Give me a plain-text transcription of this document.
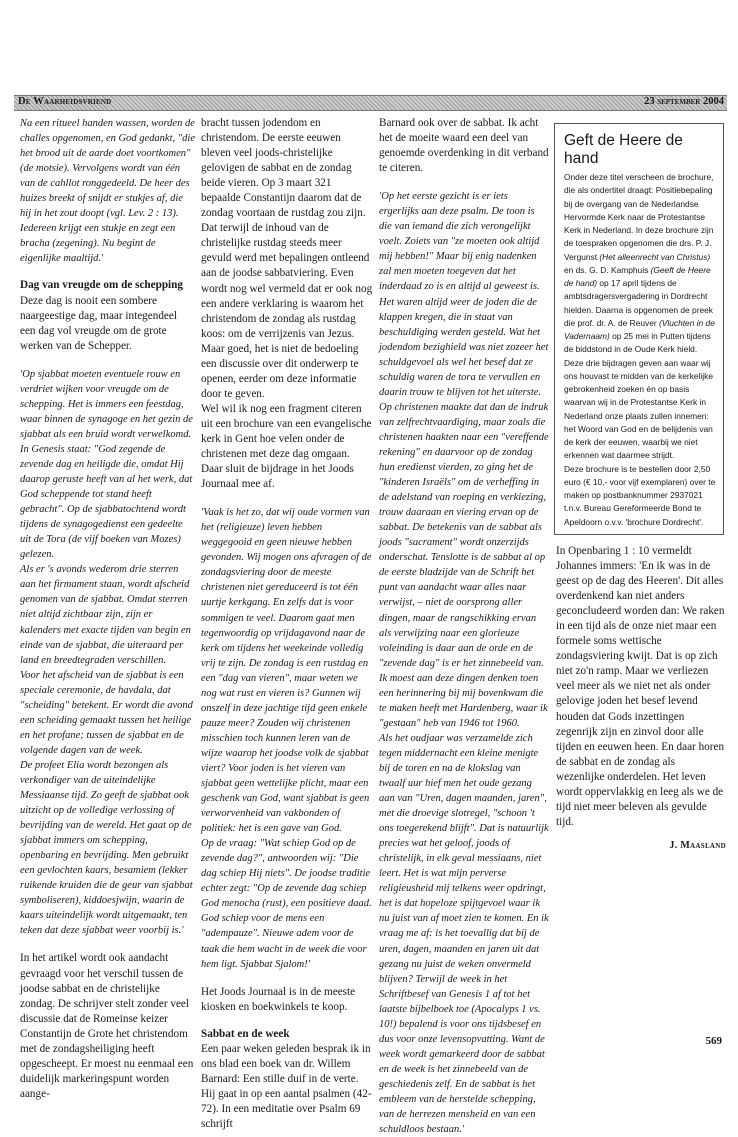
De Waarheidsvriend	23 september 2004

Na een ritueel handen wassen, worden de challes opgenomen, en God gedankt, "die het brood uit de aarde doet voortkomen" (de motsie). Vervolgens wordt van één van de cahllot ronggedeeld. De heer des huizes breekt of snijdt er stukjes af, die hij in het zout doopt (vgl. Lev. 2 : 13). Iedereen krijgt een stukje en zegt een bracha (zegening). Nu begint de eigenlijke maaltijd.'

Dag van vreugde om de schepping

Deze dag is nooit een sombere naargeestige dag, maar integendeel een dag vol vreugde om de grote werken van de Schepper.

'Op sjabbat moeten eventuele rouw en verdriet wijken voor vreugde om de schepping. Het is immers een feestdag, waar binnen de synagoge en het gezin de sjabbat als een bruid wordt verwelkomd. In Genesis staat: "God zegende de zevende dag en heiligde die, omdat Hij daarop geruste heeft van al het werk, dat God scheppende tot stand heeft gebracht". Op de sjabbatochtend wordt tijdens de synagogedienst een gedeelte uit de Tora (de vijf boeken van Mozes) gelezen.

Als er 's avonds wederom drie sterren aan het firmament staan, wordt afscheid genomen van de sjabbat. Omdat sterren niet altijd zichtbaar zijn, zijn er kalenders met exacte tijden van begin en einde van de sjabbat, die uiteraard per land en breedtegraden verschillen.

Voor het afscheid van de sjabbat is een speciale ceremonie, de havdala, dat "scheiding" betekent. Er wordt die avond een scheiding gemaakt tussen het heilige en het profane; tussen de sjabbat en de volgende dagen van de week.

De profeet Elia wordt bezongen als verkondiger van de uiteindelijke Messiaanse tijd. Zo geeft de sjabbat ook uitzicht op de volledige verlossing of bevrijding van de wereld. Het gaat op de sjabbat immers om schepping, openbaring en bevrijding. Men gebruikt een gevlochten kaars, besamiem (lekker ruikende kruiden die de geur van sjabbat symboliseren), kiddoesjwijn, waarin de kaars uiteindelijk wordt uitgemaakt, ten teken dat deze sjabbat weer voorbij is.'

In het artikel wordt ook aandacht gevraagd voor het verschil tussen de joodse sabbat en de christelijke zondag. De schrijver stelt zonder veel discussie dat de Romeinse keizer Constantijn de Grote het christendom met de zondagsheiliging heeft opgescheept. Er moest nu eenmaal een duidelijk markeringspunt worden aange-

bracht tussen jodendom en christendom. De eerste eeuwen bleven veel joods-christelijke gelovigen de sabbat en de zondag beide vieren. Op 3 maart 321 bepaalde Constantijn daarom dat de zondag voortaan de rustdag zou zijn. Dat terwijl de inhoud van de christelijke rustdag steeds meer gevuld werd met bepalingen ontleend aan de joodse sabbatviering. Even wordt nog wel vermeld dat er ook nog een andere verklaring is waarom het christendom de zondag als rustdag koos: om de verrijzenis van Jezus. Maar goed, het is niet de bedoeling een discussie over dit onderwerp te openen, eerder om deze informatie door te geven.

Wel wil ik nog een fragment citeren uit een brochure van een evangelische kerk in Gent hoe velen onder de christenen met deze dag omgaan. Daar sluit de bijdrage in het Joods Journaal mee af.

'Vaak is het zo, dat wij oude vormen van het (religieuze) leven hebben weggegooid en geen nieuwe hebben gevonden. Wij mogen ons afvragen of de zondagsviering door de meeste christenen niet gereduceerd is tot één uurtje kerkgang. En zelfs dat is voor sommigen te veel. Daarom gaat men tegenwoordig op vrijdagavond naar de kerk om tijdens het weekeinde volledig vrij te zijn. De zondag is een rustdag en een "dag van vieren", maar weten we nog wat rust en vieren is? Gunnen wij onszelf in deze jachtige tijd geen enkele pauze meer? Zouden wij christenen misschien toch kunnen leren van de wijze waarop het joodse volk de sjabbat viert? Voor joden is het vieren van sjabbat geen wettelijke plicht, maar een geschenk van God, want sjabbat is geen verworvenheid van vakbonden of politiek: het is een gave van God.

Op de vraag: "Wat schiep God op de zevende dag?", antwoorden wij: "Die dag schiep Hij niets". De joodse traditie echter zegt: "Op de zevende dag schiep God menocha (rust), een positieve daad. God schiep voor de mens een "adempauze". Nieuwe adem voor de taak die hem wacht in de week die voor hem ligt. Sjabbat Sjalom!'

Het Joods Journaal is in de meeste kiosken en boekwinkels te koop.

Sabbat en de week

Een paar weken geleden besprak ik in ons blad een boek van dr. Willem Barnard: Een stille duif in de verte. Hij gaat in op een aantal psalmen (42-72). In een meditatie over Psalm 69 schrijft

Barnard ook over de sabbat. Ik acht het de moeite waard een deel van genoemde overdenking in dit verband te citeren.

'Op het eerste gezicht is er iets ergerlijks aan deze psalm. De toon is die van iemand die zich verongelijkt voelt. Zoiets van "ze moeten ook altijd mij hebben!" Maar bij enig nadenken zal men moeten toegeven dat het inderdaad zo is en altijd al geweest is. Het waren altijd weer de joden die de klappen kregen, die in staat van beschuldiging werden gesteld. Wat het jodendom bezighield was niet zozeer het schuldgevoel als wel het besef dat ze schuldig waren de tora te vervullen en daarin trouw te blijven tot het uiterste. Op christenen maakte dat dan de indruk van zelfrechtvaardiging, maar zoals die christenen haakten naar een "vereffende rekening" en daarvoor op de zondag hun eredienst vierden, zo ging het de "kinderen Israëls" om de verheffing in de adelstand van roeping en verkiezing, trouw daaraan en viering ervan op de sabbat. De betekenis van de sabbat als joods "sacrament" wordt onzerzijds onderschat. Tenslotte is de sabbat al op de eerste bladzijde van de Schrift het punt van aandacht waar alles naar verwijst, – niet de oorsprong aller dingen, maar de rangschikking ervan als verwijzing naar een glorieuze voleinding is daar aan de orde en de "zevende dag" is er het zinnebeeld van.

Ik moest aan deze dingen denken toen een herinnering bij mij bovenkwam die te maken heeft met Hardenberg, waar ik "gestaan" heb van 1946 tot 1960.

Als het oudjaar was verzamelde zich tegen middernacht een kleine menigte bij de toren en na de klokslag van twaalf uur hief men het oude gezang aan van "Uren, dagen maanden, jaren", met die droevige slotregel, "schoon 't ons toegerekend blijft". Dat is natuurlijk precies wat het geloof, joods of christelijk, in elk geval messiaans, niet leert. Het is wat mijn perverse religieusheid mij telkens weer opdringt, het is dat hopeloze spijtgevoel waar ik nu juist van af moet zien te komen. En ik vraag me af: is het toevallig dat bij de uren, dagen, maanden en jaren uit dat gezang nu juist de weken onvermeld blijven? Terwijl de week in het Schriftbesef van Genesis 1 af tot het laatste bijbelboek toe (Apocalyps 1 vs. 10!) bepalend is voor ons tijdsbesef en dus voor onze levensopvatting. Want de week wordt gemarkeerd door de sabbat en de week is het zinnebeeld van de geschiedenis zelf. En de sabbat is het embleem van de herstelde schepping, van de herrezen mensheid en van een schuldloos bestaan.'

Geft de Heere de hand

Onder deze titel verscheen de brochure, die als ondertitel draagt: Positiebepaling bij de overgang van de Nederlandse Hervormde Kerk naar de Protestantse Kerk in Nederland. In deze brochure zijn de toespraken opgenomen die drs. P. J. Vergunst (Het alleenrecht van Christus) en ds. G. D. Kamphuis (Geeft de Heere de hand) op 17 april tijdens de ambtsdragersvergadering in Dordrecht hielden. Daarna is opgenomen de preek die prof. dr. A. de Reuver (Vluchten in de Vadernaam) op 25 mei in Putten tijdens de biddstond in de Oude Kerk hield.

Deze drie bijdragen geven aan waar wij ons houvast te midden van de kerkelijke gebrokenheid zoeken én op basis waarvan wij in de Protestantse Kerk in Nederland onze plaats zullen innemen: het Woord van God en de belijdenis van de kerk der eeuwen, waarbij we niet erkennen wat daarmee strijdt.

Deze brochure is te bestellen door 2,50 euro (€ 10,- voor vijf exemplaren) over te maken op postbanknummer 2937021 t.n.v. Bureau Gereformeerde Bond te Apeldoorn o.v.v. 'brochure Dordrecht'.

In Openbaring 1 : 10 vermeldt Johannes immers: 'En ik was in de geest op de dag des Heeren'. Dit alles overdenkend kan niet anders geconcludeerd worden dan: We raken in een tijd als de onze niet maar een formele soms wettische zondagsviering kwijt. Dat is op zich niet zo'n ramp. Maar we verliezen veel meer als we niet net als onder gelovige joden het besef levend houden dat Gods inzettingen zegenrijk zijn en zinvol door alle tijden en eeuwen heen. En daar horen de sabbat en de zondag als wezenlijke onderdelen. Het leven wordt oppervlakkig en leeg als we de tijd niet meer beleven als gevulde tijd.

J. Maasland

569
